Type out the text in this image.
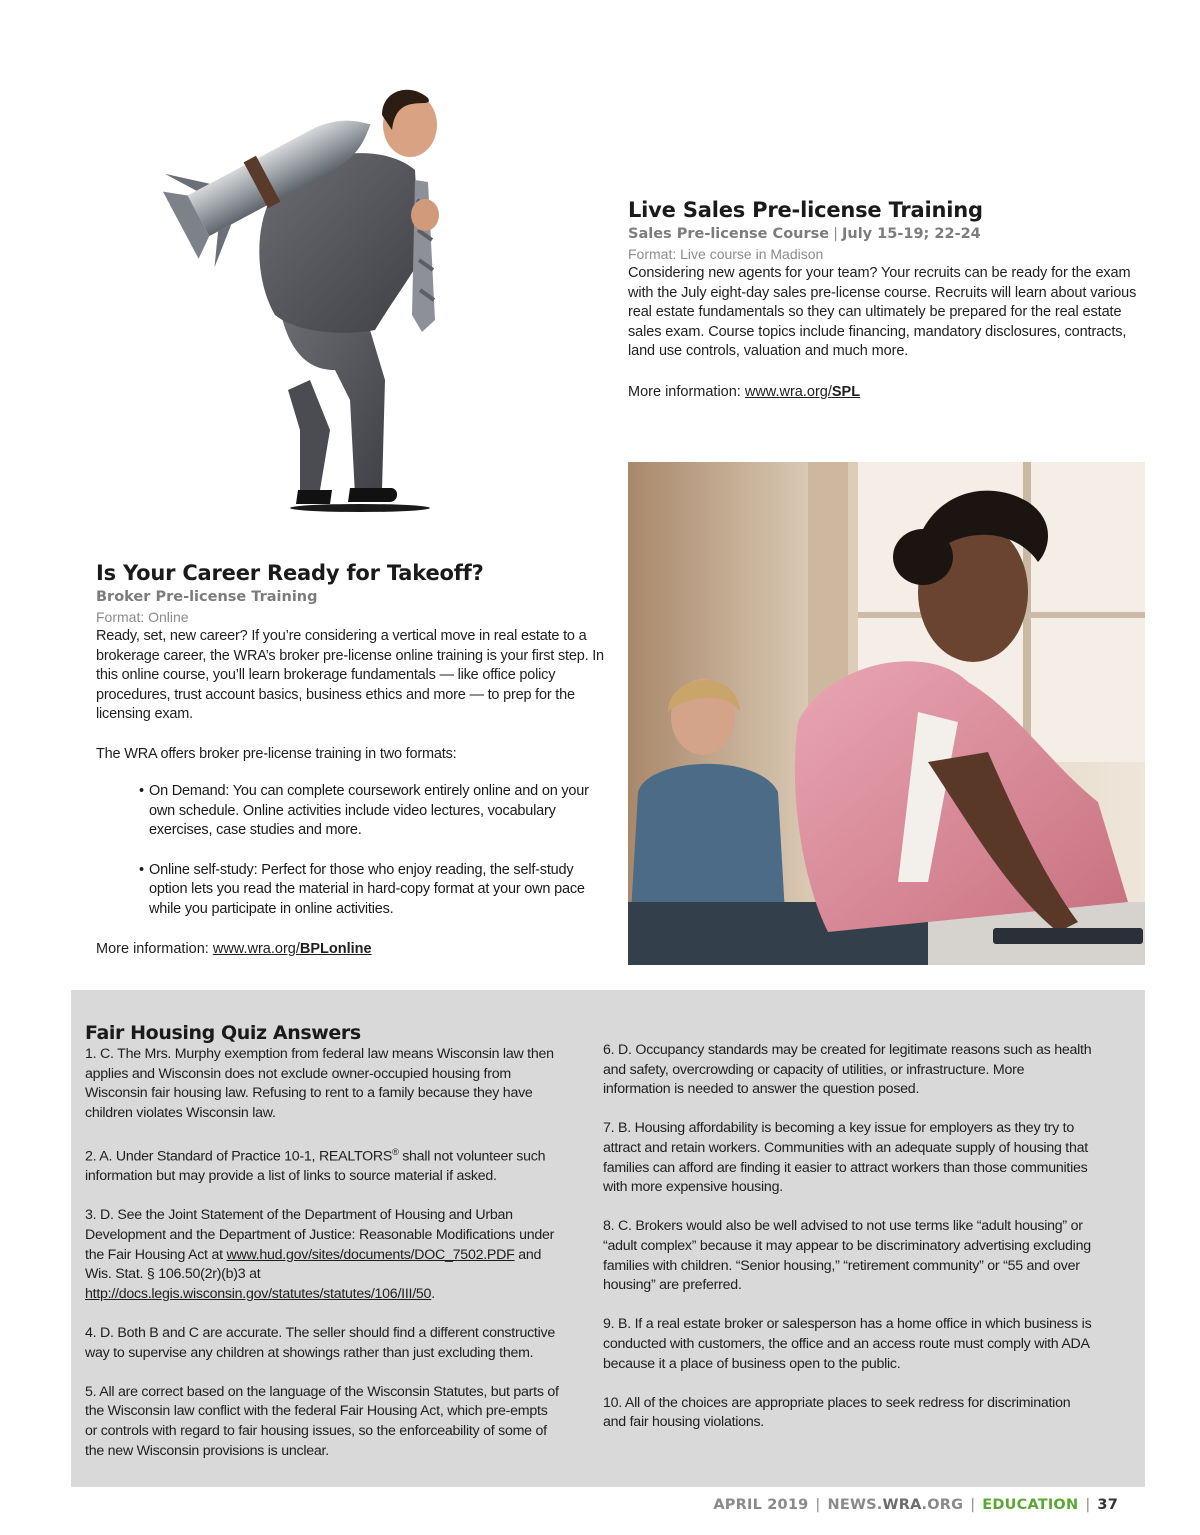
Live Sales Pre-license Training
Sales Pre-license Course | July 15-19; 22-24
Format: Live course in Madison

Considering new agents for your team? Your recruits can be ready for the exam with the July eight-day sales pre-license course. Recruits will learn about various real estate fundamentals so they can ultimately be prepared for the real estate sales exam. Course topics include financing, mandatory disclosures, contracts, land use controls, valuation and much more.

More information: www.wra.org/SPL
Is Your Career Ready for Takeoff?
Broker Pre-license Training
Format: Online

Ready, set, new career? If you’re considering a vertical move in real estate to a brokerage career, the WRA’s broker pre-license online training is your first step. In this online course, you’ll learn brokerage fundamentals — like office policy procedures, trust account basics, business ethics and more — to prep for the licensing exam.

The WRA offers broker pre-license training in two formats:

• On Demand: You can complete coursework entirely online and on your own schedule. Online activities include video lectures, vocabulary exercises, case studies and more.
• Online self-study: Perfect for those who enjoy reading, the self-study option lets you read the material in hard-copy format at your own pace while you participate in online activities.
More information: www.wra.org/BPLonline
Fair Housing Quiz Answers

1. C. The Mrs. Murphy exemption from federal law means Wisconsin law then applies and Wisconsin does not exclude owner-occupied housing from Wisconsin fair housing law. Refusing to rent to a family because they have children violates Wisconsin law.

2. A. Under Standard of Practice 10-1, REALTORS® shall not volunteer such information but may provide a list of links to source material if asked.

3. D. See the Joint Statement of the Department of Housing and Urban Development and the Department of Justice: Reasonable Modifications under the Fair Housing Act at www.hud.gov/sites/documents/DOC_7502.PDF and Wis. Stat. § 106.50(2r)(b)3 at http://docs.legis.wisconsin.gov/statutes/statutes/106/III/50.

4. D. Both B and C are accurate. The seller should find a different constructive way to supervise any children at showings rather than just excluding them.

5. All are correct based on the language of the Wisconsin Statutes, but parts of the Wisconsin law conflict with the federal Fair Housing Act, which pre-empts or controls with regard to fair housing issues, so the enforceability of some of the new Wisconsin provisions is unclear.

6. D. Occupancy standards may be created for legitimate reasons such as health and safety, overcrowding or capacity of utilities, or infrastructure. More information is needed to answer the question posed.

7. B. Housing affordability is becoming a key issue for employers as they try to attract and retain workers. Communities with an adequate supply of housing that families can afford are finding it easier to attract workers than those communities with more expensive housing.

8. C. Brokers would also be well advised to not use terms like “adult housing” or “adult complex” because it may appear to be discriminatory advertising excluding families with children. “Senior housing,” “retirement community” or “55 and over housing” are preferred.

9. B. If a real estate broker or salesperson has a home office in which business is conducted with customers, the office and an access route must comply with ADA because it a place of business open to the public.

10. All of the choices are appropriate places to seek redress for discrimination and fair housing violations.

APRIL 2019 | NEWS.WRA.ORG | EDUCATION | 37
